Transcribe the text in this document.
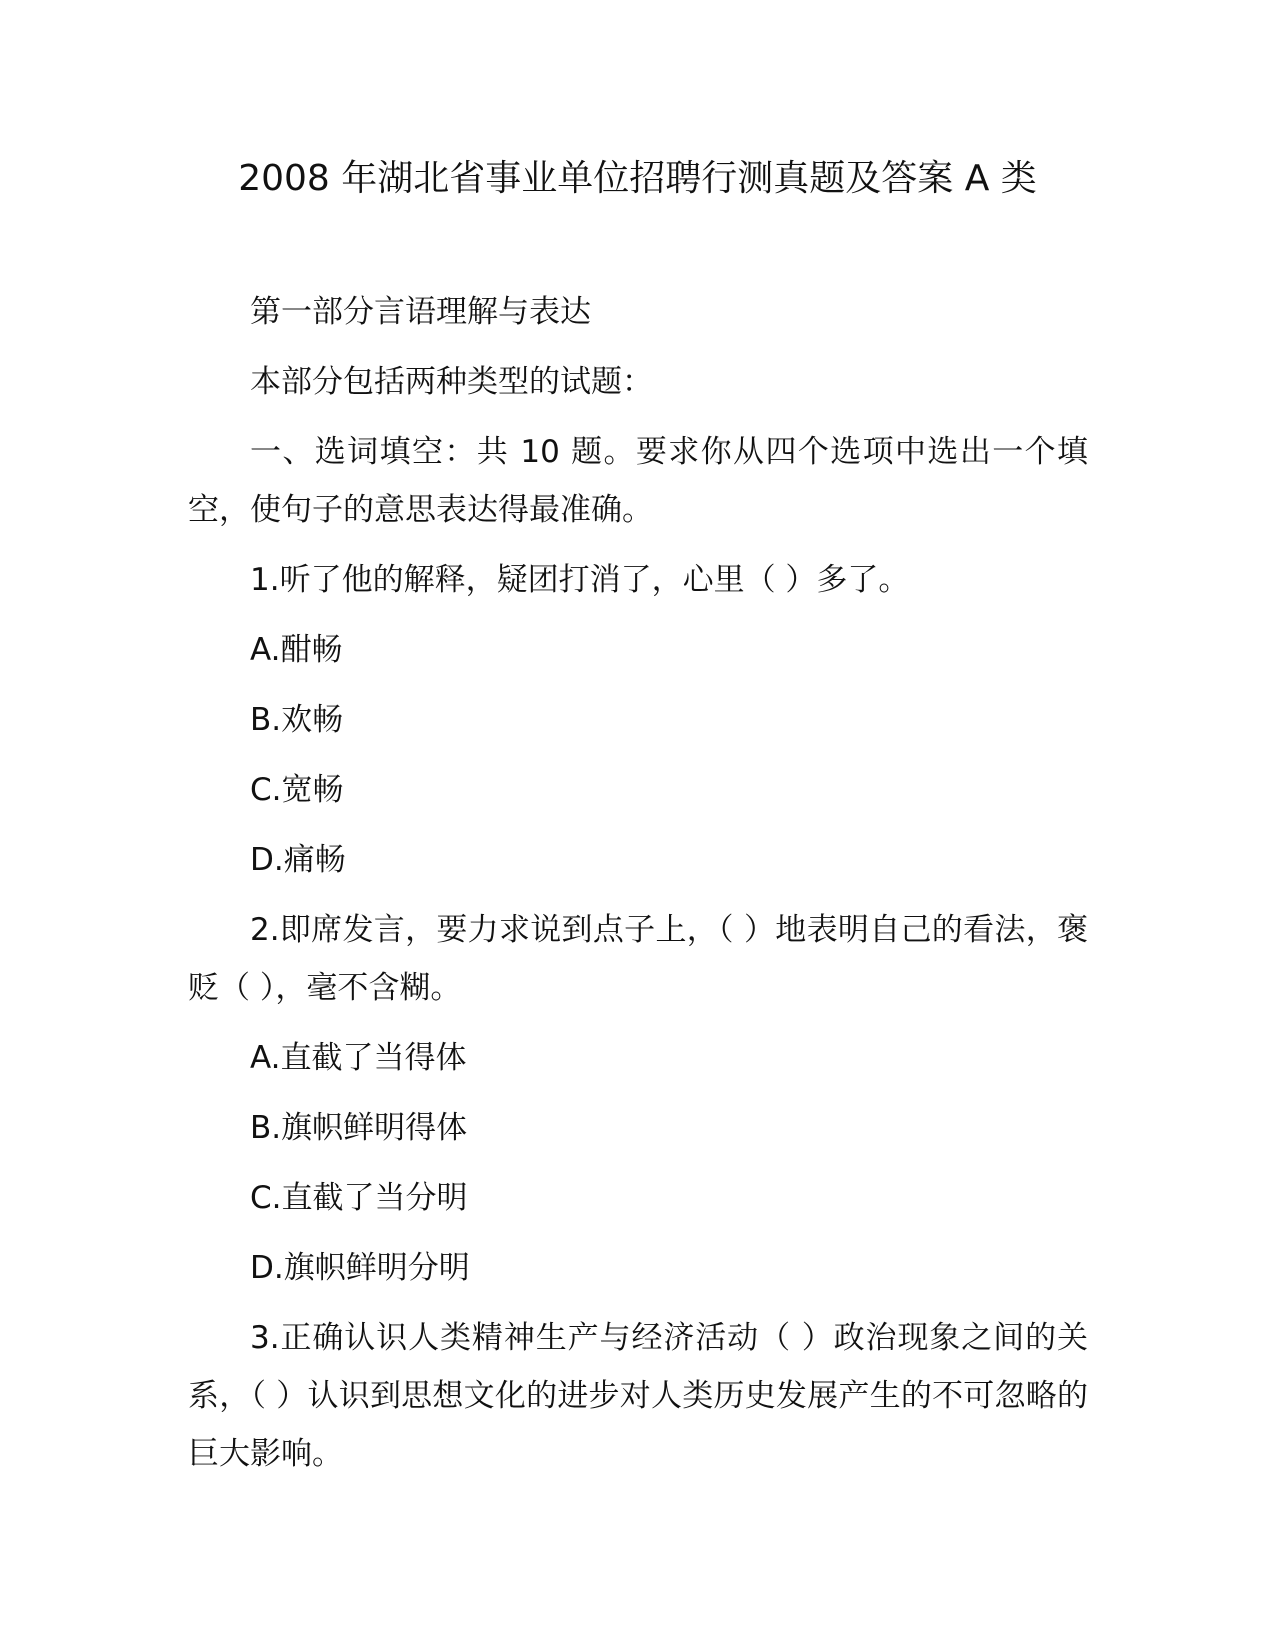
2008 年湖北省事业单位招聘行测真题及答案 A 类

第一部分言语理解与表达

本部分包括两种类型的试题：

一、选词填空：共 10 题。要求你从四个选项中选出一个填空，使句子的意思表达得最准确。

1.听了他的解释，疑团打消了，心里（ ）多了。

A.酣畅

B.欢畅

C.宽畅

D.痛畅

2.即席发言，要力求说到点子上，（ ）地表明自己的看法，褒贬（ ），毫不含糊。

A.直截了当得体

B.旗帜鲜明得体

C.直截了当分明

D.旗帜鲜明分明

3.正确认识人类精神生产与经济活动（ ）政治现象之间的关系，（ ）认识到思想文化的进步对人类历史发展产生的不可忽略的巨大影响。
